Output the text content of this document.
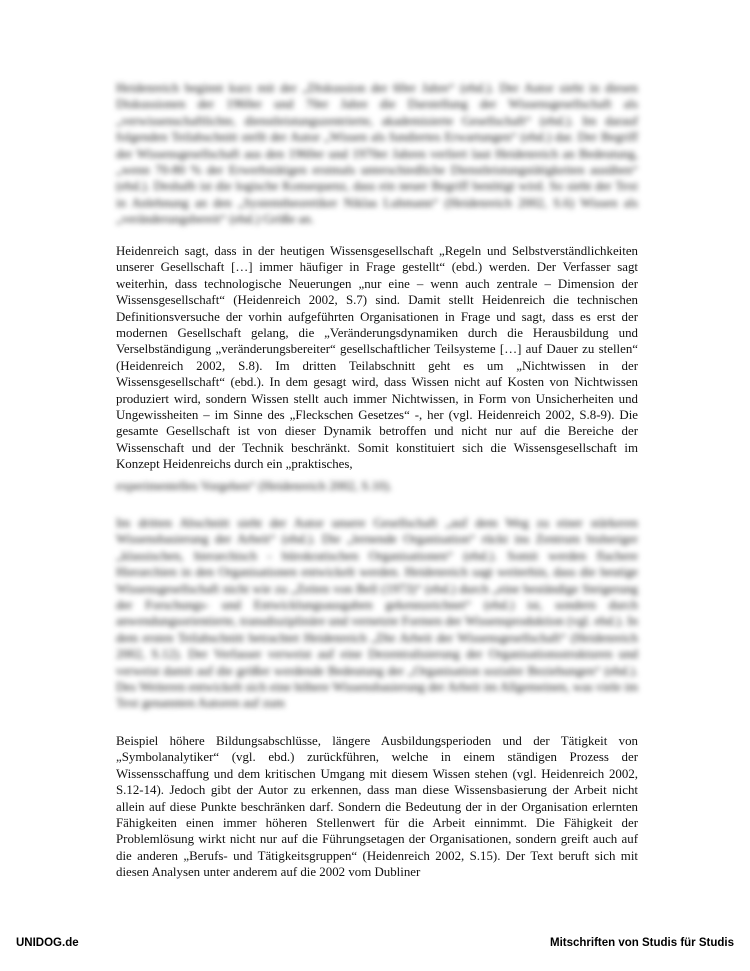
Heidenreich beginnt kurz mit der „Diskussion der 60er Jahre“ (ebd.). Der Autor sieht in diesen Diskussionen der 1960er und 70er Jahre die Darstellung der Wissensgesellschaft als „verwissenschaftlichte, dienstleistungszentrierte, akademisierte Gesellschaft“ (ebd.). Im darauf folgenden Teilabschnitt stellt der Autor „Wissen als fundiertes Erwartungen“ (ebd.) dar. Der Begriff der Wissensgesellschaft aus den 1960er und 1970er Jahren verliert laut Heidenreich an Bedeutung, „wenn 70-80 % der Erwerbstätigen erstmals unterschiedliche Dienstleistungstätigkeiten ausüben“ (ebd.). Deshalb ist die logische Konsequenz, dass ein neuer Begriff benötigt wird. So sieht der Text in Anlehnung an den „Systemtheoretiker Niklas Luhmann“ (Heidenreich 2002, S.6) Wissen als „veränderungsbereit“ (ebd.) Größe an.

Heidenreich sagt, dass in der heutigen Wissensgesellschaft „Regeln und Selbstverständlichkeiten unserer Gesellschaft […] immer häufiger in Frage gestellt“ (ebd.) werden. Der Verfasser sagt weiterhin, dass technologische Neuerungen „nur eine – wenn auch zentrale – Dimension der Wissensgesellschaft“ (Heidenreich 2002, S.7) sind. Damit stellt Heidenreich die technischen Definitionsversuche der vorhin aufgeführten Organisationen in Frage und sagt, dass es erst der modernen Gesellschaft gelang, die „Veränderungsdynamiken durch die Herausbildung und Verselbständigung „veränderungsbereiter“ gesellschaftlicher Teilsysteme […] auf Dauer zu stellen“ (Heidenreich 2002, S.8). Im dritten Teilabschnitt geht es um „Nichtwissen in der Wissensgesellschaft“ (ebd.). In dem gesagt wird, dass Wissen nicht auf Kosten von Nichtwissen produziert wird, sondern Wissen stellt auch immer Nichtwissen, in Form von Unsicherheiten und Ungewissheiten – im Sinne des „Fleckschen Gesetzes“ -, her (vgl. Heidenreich 2002, S.8-9). Die gesamte Gesellschaft ist von dieser Dynamik betroffen und nicht nur auf die Bereiche der Wissenschaft und der Technik beschränkt. Somit konstituiert sich die Wissensgesellschaft im Konzept Heidenreichs durch ein „praktisches,

experimentelles Vorgehen“ (Heidenreich 2002, S.10).

Im dritten Abschnitt sieht der Autor unsere Gesellschaft „auf dem Weg zu einer stärkeren Wissensbasierung der Arbeit“ (ebd.). Die „lernende Organisation“ rückt ins Zentrum bisheriger „klassischen, hierarchisch - bürokratischen Organisationen“ (ebd.). Somit werden flachere Hierarchien in den Organisationen entwickelt werden. Heidenreich sagt weiterhin, dass die heutige Wissensgesellschaft nicht wie zu „Zeiten von Bell (1973)“ (ebd.) durch „eine beständige Steigerung der Forschungs- und Entwicklungsausgaben gekennzeichnet“ (ebd.) ist, sondern durch anwendungsorientierte, transdisziplinäre und vernetzte Formen der Wissensproduktion (vgl. ebd.). In dem ersten Teilabschnitt betrachtet Heidenreich „Die Arbeit der Wissensgesellschaft“ (Heidenreich 2002, S.12). Der Verfasser verweist auf eine Dezentralisierung der Organisationsstrukturen und verweist damit auf die größer werdende Bedeutung der „Organisation sozialer Beziehungen“ (ebd.). Des Weiteren entwickelt sich eine höhere Wissensbasierung der Arbeit im Allgemeinen, was viele im Text genannten Autoren auf zum

Beispiel höhere Bildungsabschlüsse, längere Ausbildungsperioden und der Tätigkeit von „Symbolanalytiker“ (vgl. ebd.) zurückführen, welche in einem ständigen Prozess der Wissensschaffung und dem kritischen Umgang mit diesem Wissen stehen (vgl. Heidenreich 2002, S.12-14). Jedoch gibt der Autor zu erkennen, dass man diese Wissensbasierung der Arbeit nicht allein auf diese Punkte beschränken darf. Sondern die Bedeutung der in der Organisation erlernten Fähigkeiten einen immer höheren Stellenwert für die Arbeit einnimmt. Die Fähigkeit der Problemlösung wirkt nicht nur auf die Führungsetagen der Organisationen, sondern greift auch auf die anderen „Berufs- und Tätigkeitsgruppen“ (Heidenreich 2002, S.15). Der Text beruft sich mit diesen Analysen unter anderem auf die 2002 vom Dubliner

UNIDOG.de	Mitschriften von Studis für Studis
